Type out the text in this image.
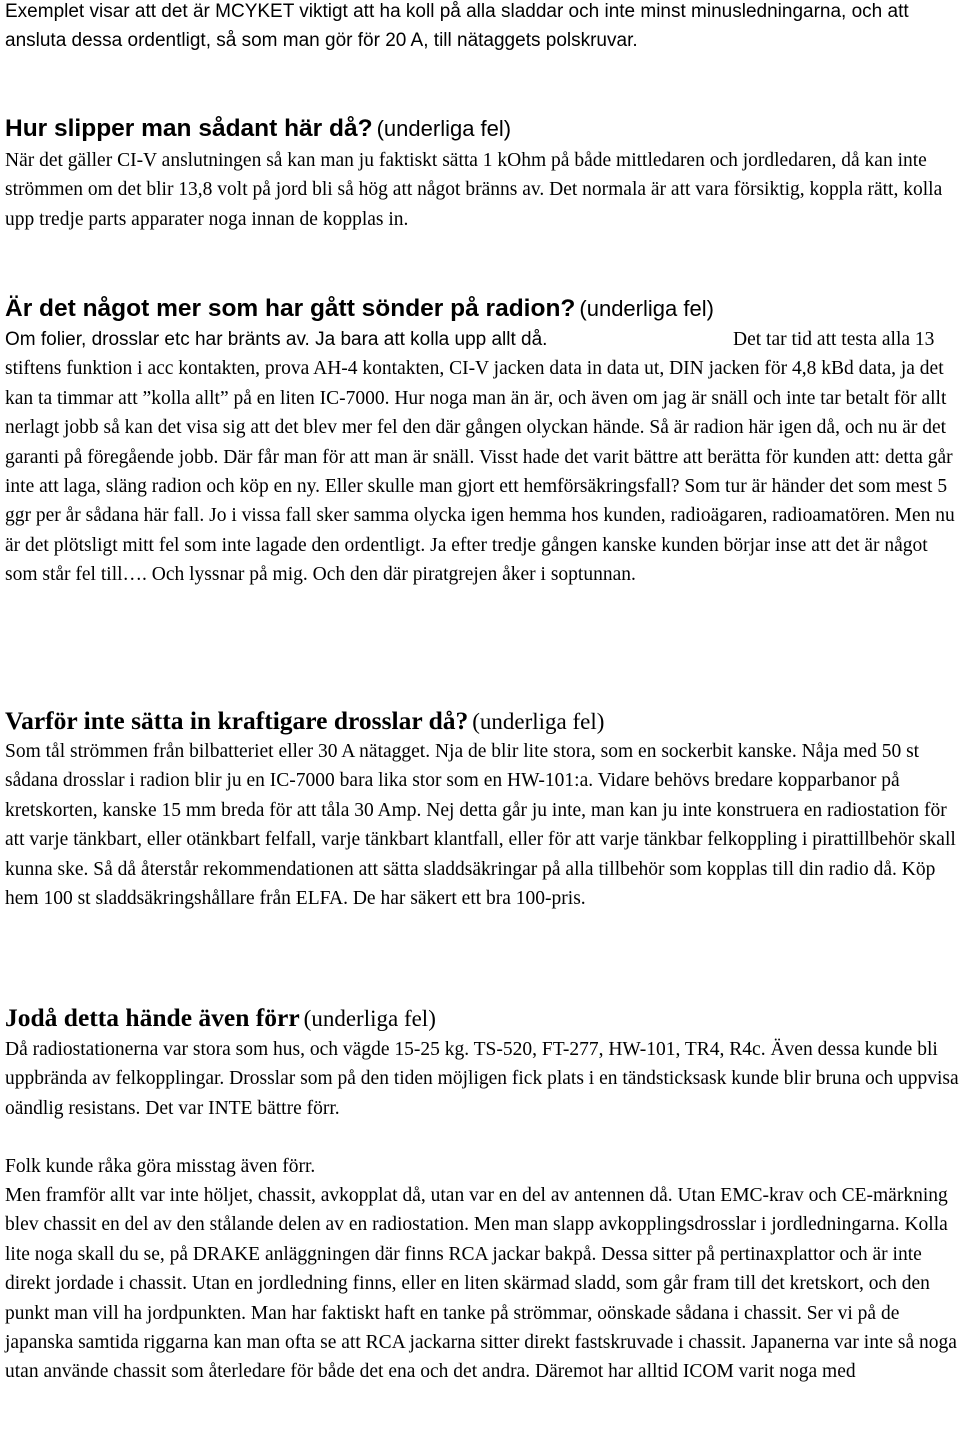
Exemplet visar att det är MCYKET viktigt att ha koll på alla sladdar och inte minst minusledningarna, och att ansluta dessa ordentligt, så som man gör för 20 A, till nätaggets polskruvar.

Hur slipper man sådant här då? (underliga fel)

När det gäller CI-V anslutningen så kan man ju faktiskt sätta 1 kOhm på både mittledaren och jordledaren, då kan inte strömmen om det blir 13,8 volt på jord bli så hög att något bränns av. Det normala är att vara försiktig, koppla rätt, kolla upp tredje parts apparater noga innan de kopplas in.

Är det något mer som har gått sönder på radion? (underliga fel)
Om folier, drosslar etc har bränts av. Ja bara att kolla upp allt då.	Det tar tid att testa alla 13 stiftens funktion i acc kontakten, prova AH-4 kontakten, CI-V jacken data in data ut, DIN jacken för 4,8 kBd data, ja det kan ta timmar att ”kolla allt” på en liten IC-7000. Hur noga man än är, och även om jag är snäll och inte tar betalt för allt nerlagt jobb så kan det visa sig att det blev mer fel den där gången olyckan hände. Så är radion här igen då, och nu är det garanti på föregående jobb. Där får man för att man är snäll. Visst hade det varit bättre att berätta för kunden att: detta går inte att laga, släng radion och köp en ny. Eller skulle man gjort ett hemförsäkringsfall? Som tur är händer det som mest 5 ggr per år sådana här fall. Jo i vissa fall sker samma olycka igen hemma hos kunden, radioägaren, radioamatören. Men nu är det plötsligt mitt fel som inte lagade den ordentligt. Ja efter tredje gången kanske kunden börjar inse att det är något som står fel till…. Och lyssnar på mig. Och den där piratgrejen åker i soptunnan.

Varför inte sätta in kraftigare drosslar då? (underliga fel)

Som tål strömmen från bilbatteriet eller 30 A nätagget. Nja de blir lite stora, som en sockerbit kanske. Nåja med 50 st sådana drosslar i radion blir ju en IC-7000 bara lika stor som en HW-101:a. Vidare behövs bredare kopparbanor på kretskorten, kanske 15 mm breda för att tåla 30 Amp. Nej detta går ju inte, man kan ju inte konstruera en radiostation för att varje tänkbart, eller otänkbart felfall, varje tänkbart klantfall, eller för att varje tänkbar felkoppling i pirattillbehör skall kunna ske. Så då återstår rekommendationen att sätta sladdsäkringar på alla tillbehör som kopplas till din radio då. Köp hem 100 st sladdsäkringshållare från ELFA. De har säkert ett bra 100-pris.

Jodå detta hände även förr (underliga fel)

Då radiostationerna var stora som hus, och vägde 15-25 kg. TS-520, FT-277, HW-101, TR4, R4c. Även dessa kunde bli uppbrända av felkopplingar. Drosslar som på den tiden möjligen fick plats i en tändsticksask kunde blir bruna och uppvisa oändlig resistans. Det var INTE bättre förr.

Folk kunde råka göra misstag även förr.

Men framför allt var inte höljet, chassit, avkopplat då, utan var en del av antennen då. Utan EMC-krav och CE-märkning blev chassit en del av den stålande delen av en radiostation. Men man slapp avkopplingsdrosslar i jordledningarna. Kolla lite noga skall du se, på DRAKE anläggningen där finns RCA jackar bakpå. Dessa sitter på pertinaxplattor och är inte direkt jordade i chassit. Utan en jordledning finns, eller en liten skärmad sladd, som går fram till det kretskort, och den punkt man vill ha jordpunkten. Man har faktiskt haft en tanke på strömmar, oönskade sådana i chassit. Ser vi på de japanska samtida riggarna kan man ofta se att RCA jackarna sitter direkt fastskruvade i chassit. Japanerna var inte så noga utan använde chassit som återledare för både det ena och det andra. Däremot har alltid ICOM varit noga med
